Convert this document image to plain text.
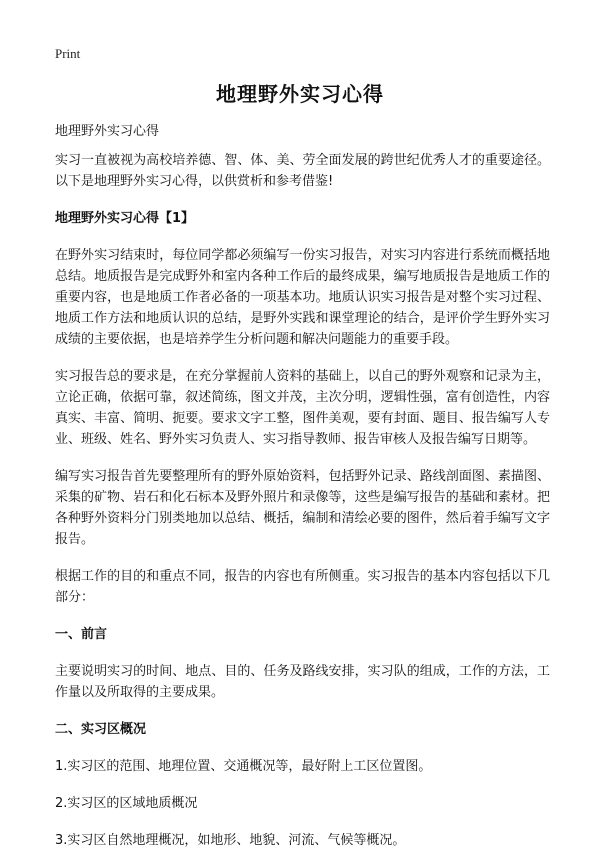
Print
地理野外实习心得

地理野外实习心得

实习一直被视为高校培养德、智、体、美、劳全面发展的跨世纪优秀人才的重要途径。以下是地理野外实习心得，以供赏析和参考借鉴!

地理野外实习心得【1】

在野外实习结束时，每位同学都必须编写一份实习报告，对实习内容进行系统而概括地总结。地质报告是完成野外和室内各种工作后的最终成果，编写地质报告是地质工作的重要内容，也是地质工作者必备的一项基本功。地质认识实习报告是对整个实习过程、地质工作方法和地质认识的总结，是野外实践和课堂理论的结合，是评价学生野外实习成绩的主要依据，也是培养学生分析问题和解决问题能力的重要手段。

实习报告总的要求是，在充分掌握前人资料的基础上，以自己的野外观察和记录为主，立论正确，依据可靠，叙述简练，图文并茂，主次分明，逻辑性强，富有创造性，内容真实、丰富、简明、扼要。要求文字工整，图件美观，要有封面、题目、报告编写人专业、班级、姓名、野外实习负责人、实习指导教师、报告审核人及报告编写日期等。

编写实习报告首先要整理所有的野外原始资料，包括野外记录、路线剖面图、素描图、采集的矿物、岩石和化石标本及野外照片和录像等，这些是编写报告的基础和素材。把各种野外资料分门别类地加以总结、概括，编制和清绘必要的图件，然后着手编写文字报告。

根据工作的目的和重点不同，报告的内容也有所侧重。实习报告的基本内容包括以下几部分：

一、前言

主要说明实习的时间、地点、目的、任务及路线安排，实习队的组成，工作的方法，工作量以及所取得的主要成果。

二、实习区概况

1.实习区的范围、地理位置、交通概况等，最好附上工区位置图。

2.实习区的区域地质概况

3.实习区自然地理概况，如地形、地貌、河流、气候等概况。
